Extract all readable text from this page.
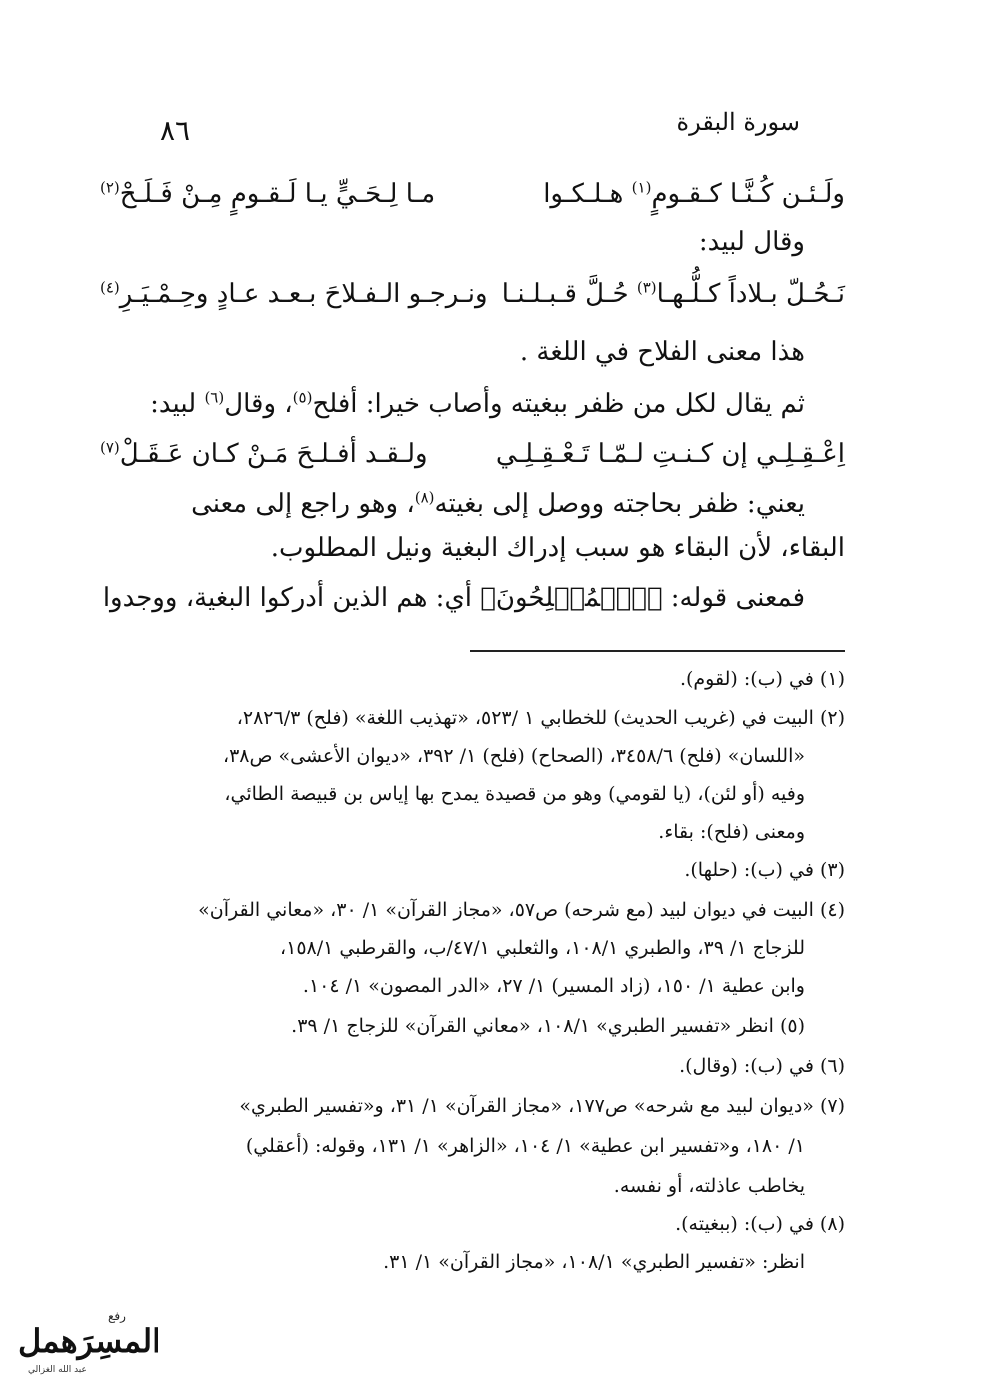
سورة البقرة
٨٦
ولَـئـن كُـنَّـا كـقـومٍ$^{(١)}$ هـلـكـوا
مـا لِـحَـيٍّ يـا لَـقـومٍ مِـنْ فَـلَـحْ$^{(٢)}$
وقال لبيد:
نَـحُـلّ بـلاداً كـلُّـهـا$^{(٣)}$ حُـلَّ قـبـلـنـا
ونـرجـو الـفـلاحَ بـعـد عـادٍ وحِـمْـيَـرِ$^{(٤)}$
هذا معنى الفلاح في اللغة .
ثم يقال لكل من ظفر ببغيته وأصاب خيرا: أفلح$^{(٥)}$، وقال$^{(٦)}$ لبيد:
اِعْـقِـلِـي إن كـنـتِ لـمّـا تَـعْـقِـلِـي
ولـقـد أفـلـحَ مَـنْ كـان عَـقَـلْ$^{(٧)}$
يعني: ظفر بحاجته ووصل إلى بغيته$^{(٨)}$، وهو راجع إلى معنى
البقاء، لأن البقاء هو سبب إدراك البغية ونيل المطلوب.
فمعنى قوله: ﴿ٱلۡمُفۡلِحُونَ﴾ أي: هم الذين أدركوا البغية، ووجدوا
(١) في (ب): (لقوم).
(٢) البيت في (غريب الحديث) للخطابي ١ /٥٢٣، «تهذيب اللغة» (فلح) ٢٨٢٦/٣،
«اللسان» (فلح) ٣٤٥٨/٦، (الصحاح) (فلح) ١/ ٣٩٢، «ديوان الأعشى» ص٣٨،
وفيه (أو لئن)، (يا لقومي) وهو من قصيدة يمدح بها إياس بن قبيصة الطائي،
ومعنى (فلح): بقاء.
(٣) في (ب): (حلها).
(٤) البيت في ديوان لبيد (مع شرحه) ص٥٧، «مجاز القرآن» ١/ ٣٠، «معاني القرآن»
للزجاج ١/ ٣٩، والطبري ١٠٨/١، والثعلبي ٤٧/١/ب، والقرطبي ١٥٨/١،
وابن عطية ١/ ١٥٠، (زاد المسير) ١/ ٢٧، «الدر المصون» ١/ ١٠٤.
(٥) انظر «تفسير الطبري» ١٠٨/١، «معاني القرآن» للزجاج ١/ ٣٩.
(٦) في (ب): (وقال).
(٧) «ديوان لبيد مع شرحه» ص١٧٧، «مجاز القرآن» ١/ ٣١، و«تفسير الطبري»
١/ ١٨٠، و«تفسير ابن عطية» ١/ ١٠٤، «الزاهر» ١/ ١٣١، وقوله: (أعقلي)
يخاطب عاذلته، أو نفسه.
(٨) في (ب): (ببغيته).
انظر: «تفسير الطبري» ١٠٨/١، «مجاز القرآن» ١/ ٣١.
رفع
المسِرَهمل
عبد الله الغزالي
